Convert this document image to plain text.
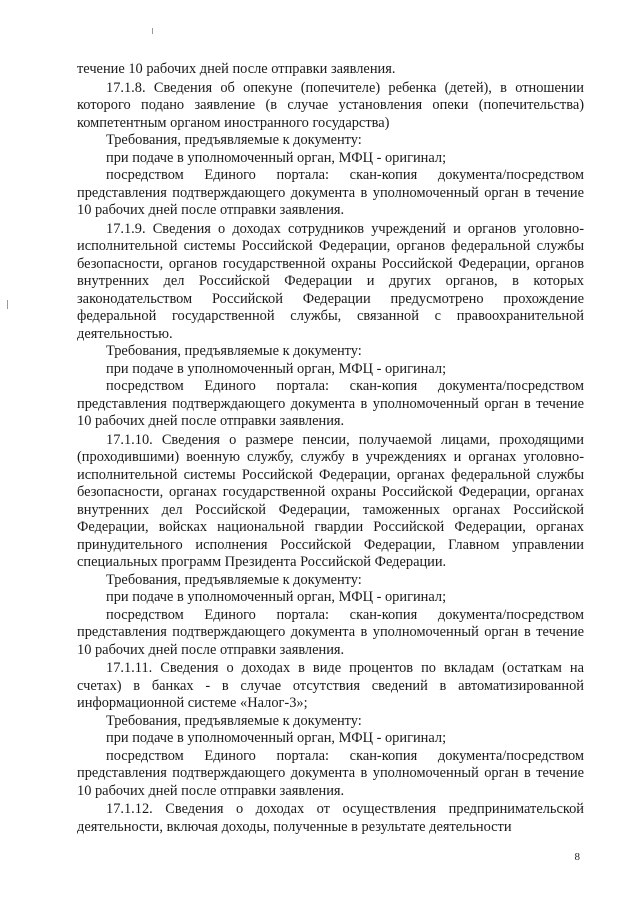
течение 10 рабочих дней после отправки заявления.

17.1.8. Сведения об опекуне (попечителе) ребенка (детей), в отношении которого подано заявление (в случае установления опеки (попечительства) компетентным органом иностранного государства)

Требования, предъявляемые к документу:

при подаче в уполномоченный орган, МФЦ - оригинал;

посредством Единого портала: скан-копия документа/посредством представления подтверждающего документа в уполномоченный орган в течение 10 рабочих дней после отправки заявления.

17.1.9. Сведения о доходах сотрудников учреждений и органов уголовно-исполнительной системы Российской Федерации, органов федеральной службы безопасности, органов государственной охраны Российской Федерации, органов внутренних дел Российской Федерации и других органов, в которых законодательством Российской Федерации предусмотрено прохождение федеральной государственной службы, связанной с правоохранительной деятельностью.

Требования, предъявляемые к документу:

при подаче в уполномоченный орган, МФЦ - оригинал;

посредством Единого портала: скан-копия документа/посредством представления подтверждающего документа в уполномоченный орган в течение 10 рабочих дней после отправки заявления.

17.1.10. Сведения о размере пенсии, получаемой лицами, проходящими (проходившими) военную службу, службу в учреждениях и органах уголовно-исполнительной системы Российской Федерации, органах федеральной службы безопасности, органах государственной охраны Российской Федерации, органах внутренних дел Российской Федерации, таможенных органах Российской Федерации, войсках национальной гвардии Российской Федерации, органах принудительного исполнения Российской Федерации, Главном управлении специальных программ Президента Российской Федерации.

Требования, предъявляемые к документу:

при подаче в уполномоченный орган, МФЦ - оригинал;

посредством Единого портала: скан-копия документа/посредством представления подтверждающего документа в уполномоченный орган в течение 10 рабочих дней после отправки заявления.

17.1.11. Сведения о доходах в виде процентов по вкладам (остаткам на счетах) в банках - в случае отсутствия сведений в автоматизированной информационной системе «Налог-3»;

Требования, предъявляемые к документу:

при подаче в уполномоченный орган, МФЦ - оригинал;

посредством Единого портала: скан-копия документа/посредством представления подтверждающего документа в уполномоченный орган в течение 10 рабочих дней после отправки заявления.

17.1.12. Сведения о доходах от осуществления предпринимательской деятельности, включая доходы, полученные в результате деятельности

8
